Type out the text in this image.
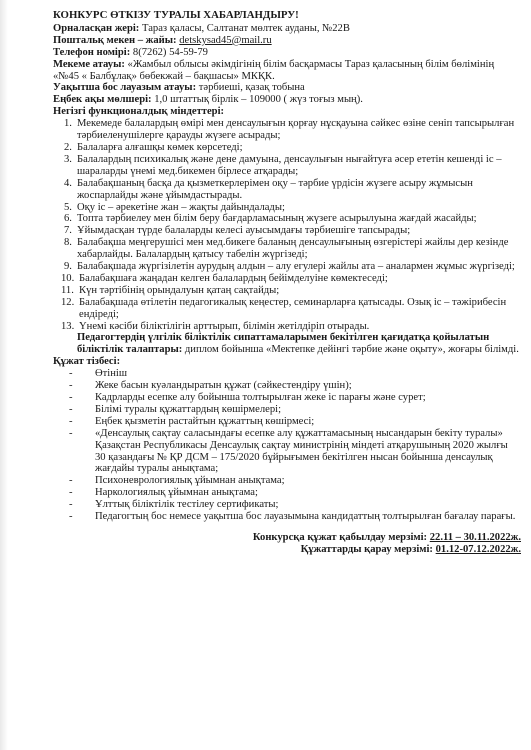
КОНКУРС ӨТКІЗУ ТУРАЛЫ ХАБАРЛАНДЫРУ!
Орналасқан жері: Тараз қаласы, Салтанат мөлтек ауданы, №22В
Поштальқ мекен – жайы: detskysad45@mail.ru
Телефон номірі: 8(7262) 54-59-79
Мекеме атауы: «Жамбыл облысы әкімдігінің білім басқармасы Тараз қаласының білім бөлімінің «№45 « Балбұлақ» бөбекжай – бақшасы» МКҚК.
Уақытша бос лауазым атауы: тәрбиеші, қазақ тобына
Еңбек ақы мөлшері: 1,0 штаттық бірлік – 109000 ( жүз тоғыз мың).
Негізгі функционалдық міндеттері:
1. Мекемеде балалардың өмірі мен денсаулығын қорғау нұсқауына сәйкес өзіне сеніп тапсырылған тәрбиеленушілерге қарауды жүзеге асырады;
2. Балаларға алғашқы көмек көрсетеді;
3. Балалардың психикалық және дене дамуына, денсаулығын нығайтуға әсер ететін кешенді іс – шараларды үнемі мед.бикемен бірлесе атқарады;
4. Балабақшаның басқа да қызметкерлерімен оқу – тәрбие үрдісін жүзеге асыру жұмысын жоспарлайды және ұйымдастырады.
5. Оқу іс – әрекетіне жан – жақты дайындалады;
6. Топта тәрбиелеу мен білім беру бағдарламасының жүзеге асырылуына жағдай жасайды;
7. Ұйымдасқан түрде балаларды келесі ауысымдағы тәрбиешіге тапсырады;
8. Балабақша меңгерушісі мен мед.бикеге баланың денсаулығының өзгерістері жайлы дер кезінде хабарлайды. Балалардың қатысу табелін жүргізеді;
9. Балабақшада жүргізілетін аурудың алдын – алу егулері жайлы ата – аналармен жұмыс жүргізеді;
10. Балабақшаға жаңадан келген балалардың бейімделуіне көмектеседі;
11. Күн тәртібінің орындалуын қатаң сақтайды;
12. Балабақшада өтілетін педагогикалық кеңестер, семинарларға қатысады. Озық іс – тәжірибесін ендіреді;
13. Үнемі кәсіби біліктілігін арттырып, білімін жетілдіріп отырады.
Педагогтердің үлгілік біліктілік сипаттамаларымен бекітілген қағидатқа қойылатын біліктілік талаптары: диплом бойынша «Мектепке дейінгі тәрбие және оқыту», жоғары білімді.
Құжат тізбесі:
- Өтініш
- Жеке басын куәландыратын құжат (сәйкестендіру үшін);
- Кадрларды есепке алу бойынша толтырылған жеке іс парағы және сурет;
- Білімі туралы құжаттардың көшірмелері;
- Еңбек қызметін растайтын құжаттың көшірмесі;
- «Денсаулық сақтау саласындағы есепке алу құжаттамасының нысандарын бекіту туралы» Қазақстан Республикасы Денсаулық сақтау министрінің міндеті атқарушының 2020 жылғы 30 қазандағы № ҚР ДСМ – 175/2020 бұйрығымен бекітілген нысан бойынша денсаулық жағдайы туралы анықтама;
- Психоневрологиялық ұйымнан анықтама;
- Наркологиялық ұйымнан анықтама;
- Ұлттық біліктілік тестілеу сертификаты;
- Педагогтың бос немесе уақытша бос лауазымына кандидаттың толтырылған бағалау парағы.
Конкурсқа құжат қабылдау мерзімі: 22.11 – 30.11.2022ж.
Құжаттарды қарау мерзімі: 01.12-07.12.2022ж.
